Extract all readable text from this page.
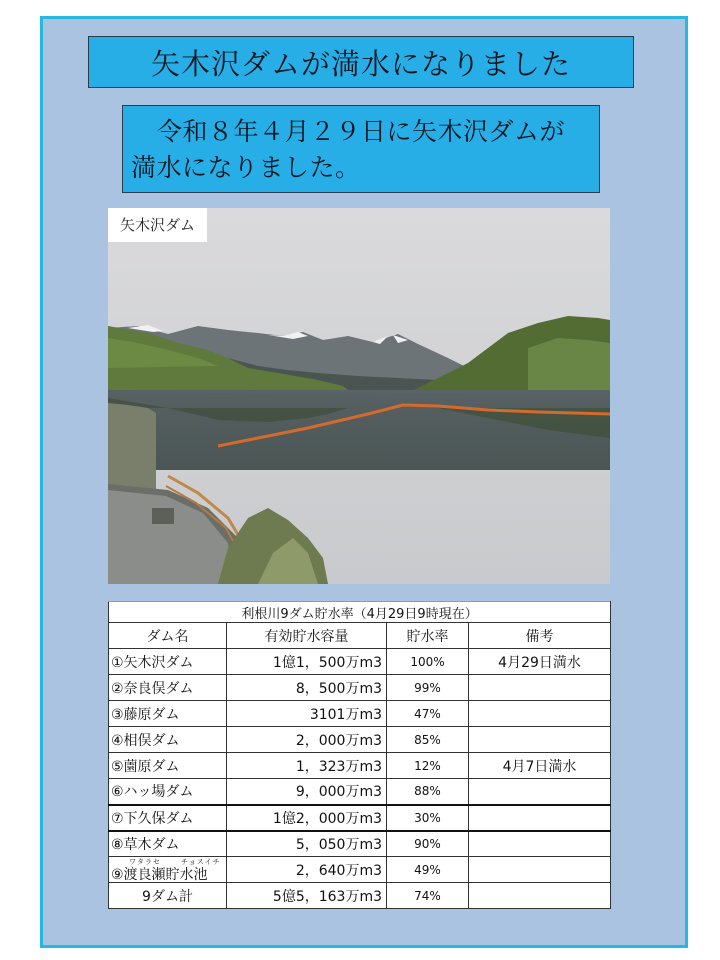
矢木沢ダムが満水になりました
令和８年４月２９日に矢木沢ダムが満水になりました。
矢木沢ダム
利根川9ダム貯水率（4月29日9時現在）			
ダム名	有効貯水容量	貯水率	備考
①矢木沢ダム	1億1，500万m3	100%	4月29日満水
②奈良俣ダム	8，500万m3	99%	
③藤原ダム	3101万m3	47%	
④相俣ダム	2，000万m3	85%	
⑤薗原ダム	1，323万m3	12%	4月7日満水
⑥ハッ場ダム	9，000万m3	88%	
⑦下久保ダム	1億2，000万m3	30%	
⑧草木ダム	5，050万m3	90%	

ワタラセ チョスイチ
⑨渡良瀬貯水池	2，640万m3	49%	
9ダム計	5億5，163万m3	74%	
